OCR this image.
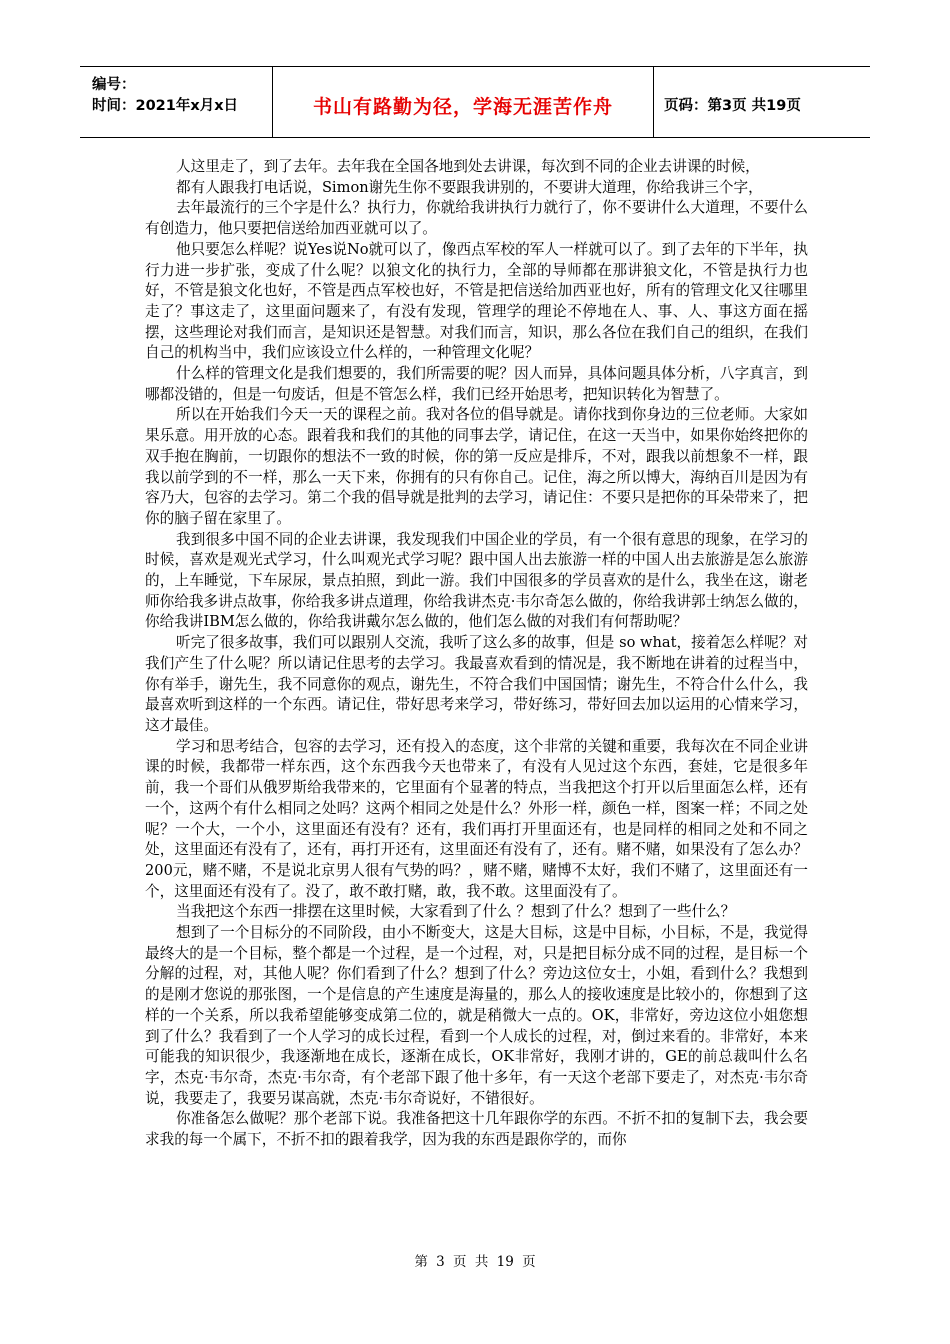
编号：
时间：2021年x月x日	书山有路勤为径，学海无涯苦作舟	页码：第3页 共19页

人这里走了，到了去年。去年我在全国各地到处去讲课，每次到不同的企业去讲课的时候，

都有人跟我打电话说，Simon谢先生你不要跟我讲别的，不要讲大道理，你给我讲三个字，

去年最流行的三个字是什么？执行力，你就给我讲执行力就行了，你不要讲什么大道理，不要什么有创造力，他只要把信送给加西亚就可以了。

他只要怎么样呢？说Yes说No就可以了，像西点军校的军人一样就可以了。到了去年的下半年，执行力进一步扩张，变成了什么呢？以狼文化的执行力，全部的导师都在那讲狼文化，不管是执行力也好，不管是狼文化也好，不管是西点军校也好，不管是把信送给加西亚也好，所有的管理文化又往哪里走了？事这走了，这里面问题来了，有没有发现，管理学的理论不停地在人、事、人、事这方面在摇摆，这些理论对我们而言，是知识还是智慧。对我们而言，知识，那么各位在我们自己的组织，在我们自己的机构当中，我们应该设立什么样的，一种管理文化呢？

什么样的管理文化是我们想要的，我们所需要的呢？因人而异，具体问题具体分析，八字真言，到哪都没错的，但是一句废话，但是不管怎么样，我们已经开始思考，把知识转化为智慧了。

所以在开始我们今天一天的课程之前。我对各位的倡导就是。请你找到你身边的三位老师。大家如果乐意。用开放的心态。跟着我和我们的其他的同事去学，请记住，在这一天当中，如果你始终把你的双手抱在胸前，一切跟你的想法不一致的时候，你的第一反应是排斥，不对，跟我以前想象不一样，跟我以前学到的不一样，那么一天下来，你拥有的只有你自己。记住，海之所以博大，海纳百川是因为有容乃大，包容的去学习。第二个我的倡导就是批判的去学习，请记住：不要只是把你的耳朵带来了，把你的脑子留在家里了。

我到很多中国不同的企业去讲课，我发现我们中国企业的学员，有一个很有意思的现象，在学习的时候，喜欢是观光式学习，什么叫观光式学习呢？跟中国人出去旅游一样的中国人出去旅游是怎么旅游的，上车睡觉，下车尿尿，景点拍照，到此一游。我们中国很多的学员喜欢的是什么，我坐在这，谢老师你给我多讲点故事，你给我多讲点道理，你给我讲杰克·韦尔奇怎么做的，你给我讲郭士纳怎么做的，你给我讲IBM怎么做的，你给我讲戴尔怎么做的，他们怎么做的对我们有何帮助呢？

听完了很多故事，我们可以跟别人交流，我听了这么多的故事，但是 so what，接着怎么样呢？对我们产生了什么呢？所以请记住思考的去学习。我最喜欢看到的情况是，我不断地在讲着的过程当中，你有举手，谢先生，我不同意你的观点，谢先生，不符合我们中国国情；谢先生，不符合什么什么，我最喜欢听到这样的一个东西。请记住，带好思考来学习，带好练习，带好回去加以运用的心情来学习，这才最佳。

学习和思考结合，包容的去学习，还有投入的态度，这个非常的关键和重要，我每次在不同企业讲课的时候，我都带一样东西，这个东西我今天也带来了，有没有人见过这个东西，套娃，它是很多年前，我一个哥们从俄罗斯给我带来的，它里面有个显著的特点，当我把这个打开以后里面怎么样，还有一个，这两个有什么相同之处吗？这两个相同之处是什么？外形一样，颜色一样，图案一样；不同之处呢？一个大，一个小，这里面还有没有？还有，我们再打开里面还有，也是同样的相同之处和不同之处，这里面还有没有了，还有，再打开还有，这里面还有没有了，还有。赌不赌，如果没有了怎么办？200元，赌不赌，不是说北京男人很有气势的吗？，赌不赌，赌博不太好，我们不赌了，这里面还有一个，这里面还有没有了。没了，敢不敢打赌，敢，我不敢。这里面没有了。

当我把这个东西一排摆在这里时候，大家看到了什么 ？想到了什么？想到了一些什么？

想到了一个目标分的不同阶段，由小不断变大，这是大目标，这是中目标，小目标，不是，我觉得最终大的是一个目标，整个都是一个过程，是一个过程，对，只是把目标分成不同的过程，是目标一个分解的过程，对，其他人呢？你们看到了什么？想到了什么？旁边这位女士，小姐，看到什么？我想到的是刚才您说的那张图，一个是信息的产生速度是海量的，那么人的接收速度是比较小的，你想到了这样的一个关系，所以我希望能够变成第二位的，就是稍微大一点的。OK，非常好，旁边这位小姐您想到了什么？我看到了一个人学习的成长过程，看到一个人成长的过程，对，倒过来看的。非常好，本来可能我的知识很少，我逐渐地在成长，逐渐在成长，OK非常好，我刚才讲的，GE的前总裁叫什么名字，杰克·韦尔奇，杰克·韦尔奇，有个老部下跟了他十多年，有一天这个老部下要走了，对杰克·韦尔奇说，我要走了，我要另谋高就，杰克·韦尔奇说好，不错很好。

你准备怎么做呢？那个老部下说。我准备把这十几年跟你学的东西。不折不扣的复制下去，我会要求我的每一个属下，不折不扣的跟着我学，因为我的东西是跟你学的，而你

第 3 页 共 19 页
